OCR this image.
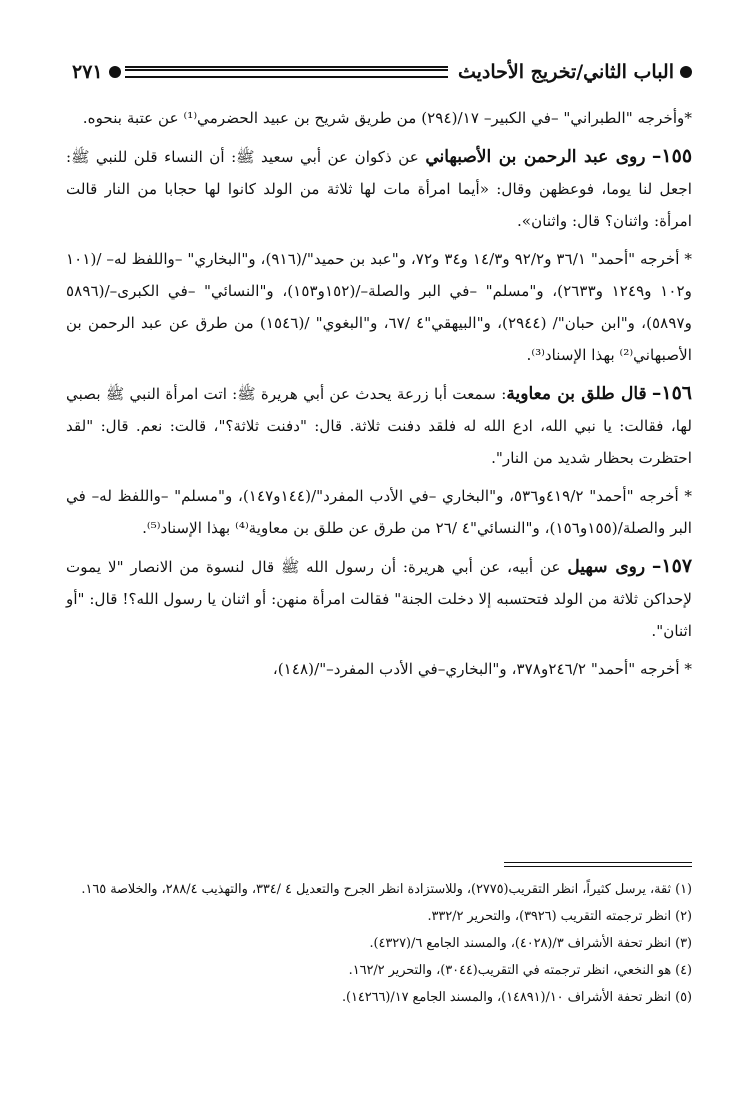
الباب الثاني/تخريج الأحاديث
٢٧١

*وأخرجه "الطبراني" –في الكبير– ١٧/(٢٩٤) من طريق شريح بن عبيد الحضرمي⁽¹⁾ عن عتبة بنحوه.

١٥٥– روى عبد الرحمن بن الأصبهاني عن ذكوان عن أبي سعيد ﷺ: أن النساء قلن للنبي ﷺ: اجعل لنا يوما، فوعظهن وقال: «أيما امرأة مات لها ثلاثة من الولد كانوا لها حجابا من النار قالت امرأة: واثنان؟ قال: واثنان».

* أخرجه "أحمد" ٣٦/١ و٩٢/٢ و١٤/٣ و٣٤ و٧٢، و"عبد بن حميد"/(٩١٦)، و"البخاري" –واللفظ له– /(١٠١ و١٠٢ و١٢٤٩ و٢٦٣٣)، و"مسلم" –في البر والصلة–/(١٥٢و١٥٣)، و"النسائي" –في الكبرى–/(٥٨٩٦ و٥٨٩٧)، و"ابن حبان"/ (٢٩٤٤)، و"البيهقي"٤ /٦٧، و"البغوي" /(١٥٤٦) من طرق عن عبد الرحمن بن الأصبهاني⁽²⁾ بهذا الإسناد⁽³⁾.

١٥٦– قال طلق بن معاوية: سمعت أبا زرعة يحدث عن أبي هريرة ﷺ: اتت امرأة النبي ﷺ بصبي لها، فقالت: يا نبي الله، ادع الله له فلقد دفنت ثلاثة. قال: "دفنت ثلاثة؟"، قالت: نعم. قال: "لقد احتظرت بحظار شديد من النار".

* أخرجه "أحمد" ٤١٩/٢و٥٣٦، و"البخاري –في الأدب المفرد"/(١٤٤و١٤٧)، و"مسلم" –واللفظ له– في البر والصلة/(١٥٥و١٥٦)، و"النسائي"٤ /٢٦ من طرق عن طلق بن معاوية⁽⁴⁾ بهذا الإسناد⁽⁵⁾.

١٥٧– روى سهيل عن أبيه، عن أبي هريرة: أن رسول الله ﷺ قال لنسوة من الانصار "لا يموت لإحداكن ثلاثة من الولد فتحتسبه إلا دخلت الجنة" فقالت امرأة منهن: أو اثنان يا رسول الله؟! قال: "أو اثنان".

* أخرجه "أحمد" ٢٤٦/٢و٣٧٨، و"البخاري–في الأدب المفرد–"/(١٤٨)،

(١) ثقة، يرسل كثيراً، انظر التقريب(٢٧٧٥)، وللاستزادة انظر الجرح والتعديل ٤ /٣٣٤، والتهذيب ٢٨٨/٤، والخلاصة ١٦٥.

(٢) انظر ترجمته التقريب (٣٩٢٦)، والتحرير ٣٣٢/٢.

(٣) انظر تحفة الأشراف ٣/(٤٠٢٨)، والمسند الجامع ٦/(٤٣٢٧).

(٤) هو النخعي، انظر ترجمته في التقريب(٣٠٤٤)، والتحرير ١٦٢/٢.

(٥) انظر تحفة الأشراف ١٠/(١٤٨٩١)، والمسند الجامع ١٧/(١٤٢٦٦).
